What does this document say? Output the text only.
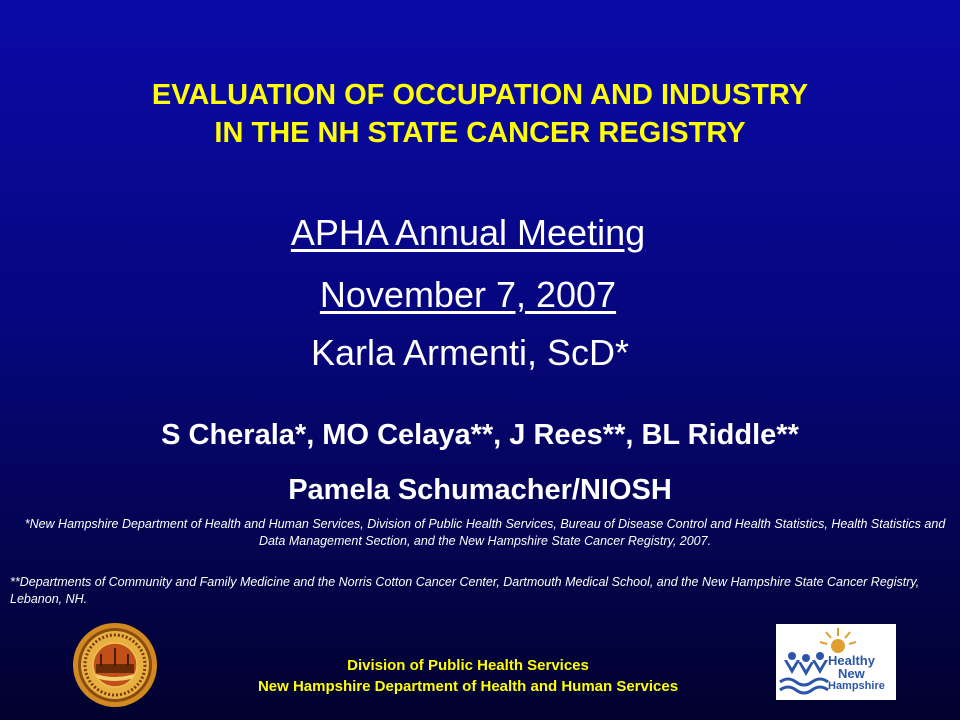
EVALUATION OF OCCUPATION AND INDUSTRY
IN THE NH STATE CANCER REGISTRY
APHA Annual Meeting
November 7, 2007
Karla Armenti, ScD*
S Cherala*, MO Celaya**, J Rees**, BL Riddle**
Pamela Schumacher/NIOSH
*New Hampshire Department of Health and Human Services, Division of Public Health Services, Bureau of Disease Control and Health Statistics, Health Statistics and Data Management Section, and the New Hampshire State Cancer Registry, 2007.
**Departments of Community and Family Medicine and the Norris Cotton Cancer Center, Dartmouth Medical School, and the New Hampshire State Cancer Registry, Lebanon, NH.
Division of Public Health Services
New Hampshire Department of Health and Human Services
Healthy
New
Hampshire
